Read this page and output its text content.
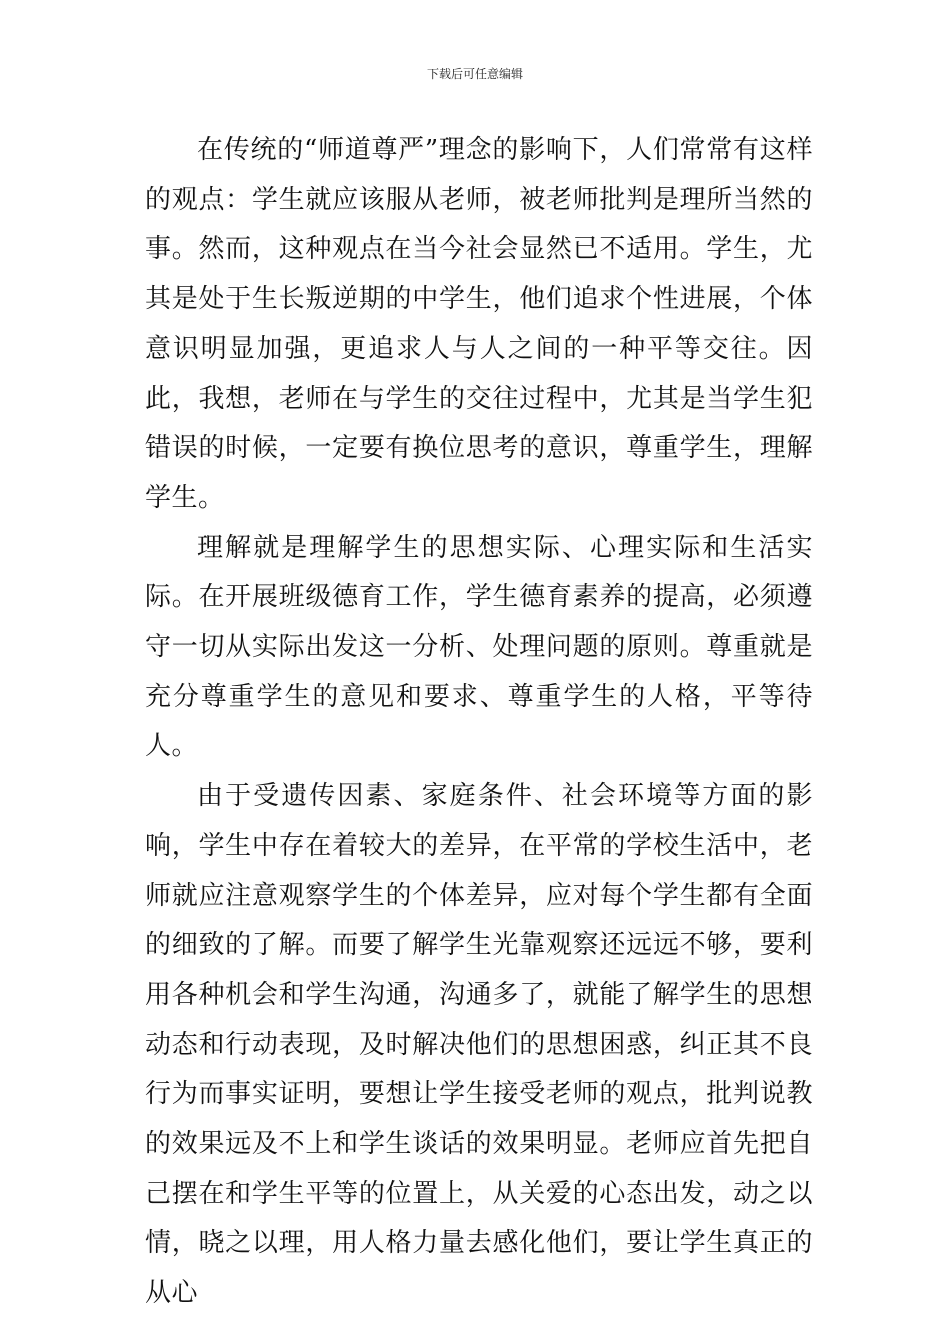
下载后可任意编辑

在传统的“师道尊严”理念的影响下，人们常常有这样的观点：学生就应该服从老师，被老师批判是理所当然的事。然而，这种观点在当今社会显然已不适用。学生，尤其是处于生长叛逆期的中学生，他们追求个性进展，个体意识明显加强，更追求人与人之间的一种平等交往。因此，我想，老师在与学生的交往过程中，尤其是当学生犯错误的时候，一定要有换位思考的意识，尊重学生，理解学生。

理解就是理解学生的思想实际、心理实际和生活实际。在开展班级德育工作，学生德育素养的提高，必须遵守一切从实际出发这一分析、处理问题的原则。尊重就是充分尊重学生的意见和要求、尊重学生的人格，平等待人。

由于受遗传因素、家庭条件、社会环境等方面的影响，学生中存在着较大的差异，在平常的学校生活中，老师就应注意观察学生的个体差异，应对每个学生都有全面的细致的了解。而要了解学生光靠观察还远远不够，要利用各种机会和学生沟通，沟通多了，就能了解学生的思想动态和行动表现，及时解决他们的思想困惑，纠正其不良行为而事实证明，要想让学生接受老师的观点，批判说教的效果远及不上和学生谈话的效果明显。老师应首先把自己摆在和学生平等的位置上，从关爱的心态出发，动之以情，晓之以理，用人格力量去感化他们，要让学生真正的从心
